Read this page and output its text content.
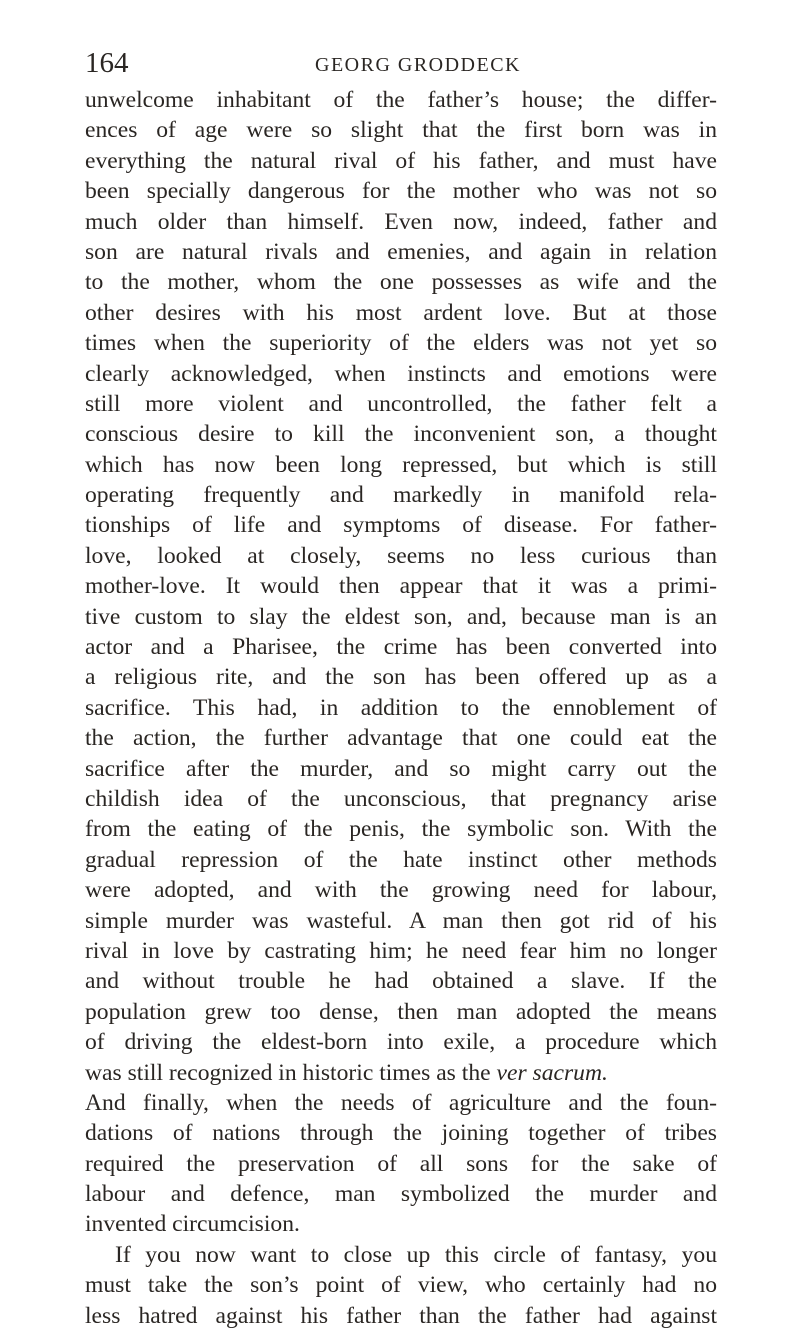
164	GEORG GRODDECK
unwelcome inhabitant of the father’s house; the differ-
ences of age were so slight that the first born was in
everything the natural rival of his father, and must have
been specially dangerous for the mother who was not so
much older than himself. Even now, indeed, father and
son are natural rivals and emenies, and again in relation
to the mother, whom the one possesses as wife and the
other desires with his most ardent love. But at those
times when the superiority of the elders was not yet so
clearly acknowledged, when instincts and emotions were
still more violent and uncontrolled, the father felt a
conscious desire to kill the inconvenient son, a thought
which has now been long repressed, but which is still
operating frequently and markedly in manifold rela-
tionships of life and symptoms of disease. For father-
love, looked at closely, seems no less curious than
mother-love. It would then appear that it was a primi-
tive custom to slay the eldest son, and, because man is an
actor and a Pharisee, the crime has been converted into
a religious rite, and the son has been offered up as a
sacrifice. This had, in addition to the ennoblement of
the action, the further advantage that one could eat the
sacrifice after the murder, and so might carry out the
childish idea of the unconscious, that pregnancy arise
from the eating of the penis, the symbolic son. With the
gradual repression of the hate instinct other methods
were adopted, and with the growing need for labour,
simple murder was wasteful. A man then got rid of his
rival in love by castrating him; he need fear him no longer
and without trouble he had obtained a slave. If the
population grew too dense, then man adopted the means
of driving the eldest-born into exile, a procedure which
was still recognized in historic times as the ver sacrum.
And finally, when the needs of agriculture and the foun-
dations of nations through the joining together of tribes
required the preservation of all sons for the sake of
labour and defence, man symbolized the murder and
invented circumcision.
If you now want to close up this circle of fantasy, you
must take the son’s point of view, who certainly had no
less hatred against his father than the father had against
